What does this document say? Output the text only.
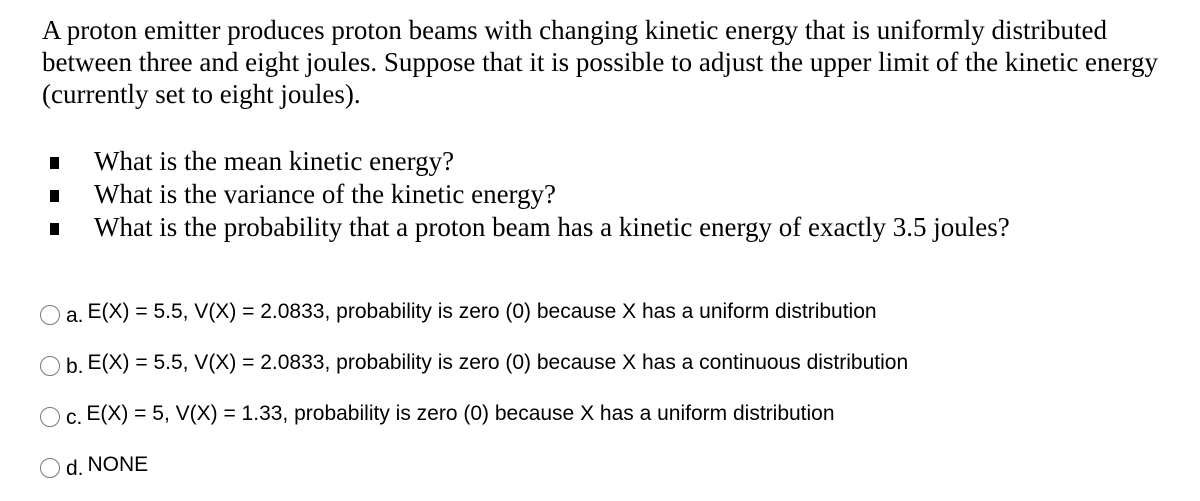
A proton emitter produces proton beams with changing kinetic energy that is uniformly distributed between three and eight joules. Suppose that it is possible to adjust the upper limit of the kinetic energy (currently set to eight joules).

What is the mean kinetic energy?
What is the variance of the kinetic energy?
What is the probability that a proton beam has a kinetic energy of exactly 3.5 joules?
a. E(X) = 5.5, V(X) = 2.0833, probability is zero (0) because X has a uniform distribution
b. E(X) = 5.5, V(X) = 2.0833, probability is zero (0) because X has a continuous distribution
c. E(X) = 5, V(X) = 1.33, probability is zero (0) because X has a uniform distribution
d. NONE
